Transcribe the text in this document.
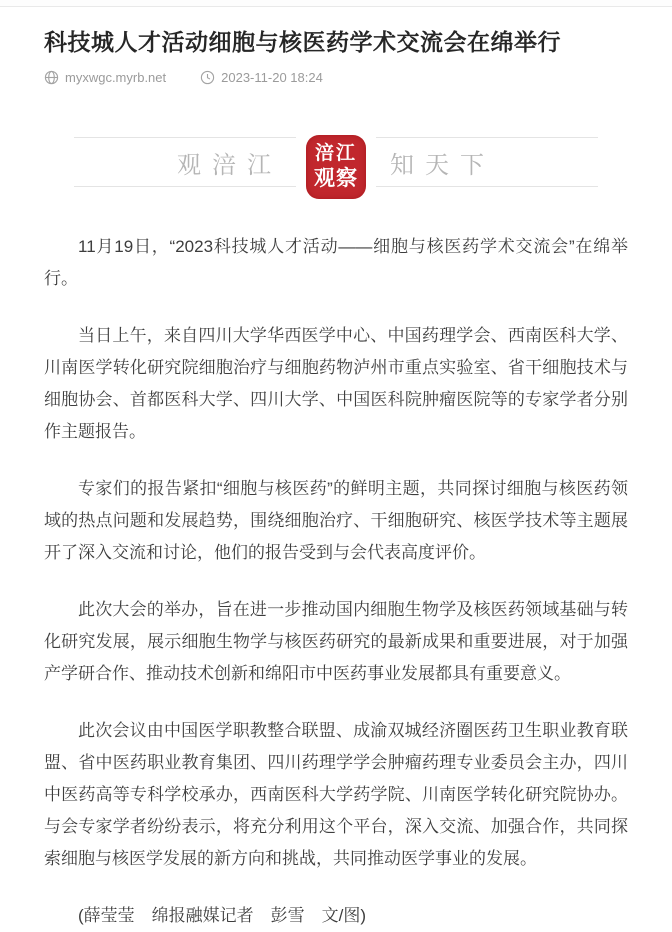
科技城人才活动细胞与核医药学术交流会在绵举行
myxwgc.myrb.net	2023-11-20 18:24
观涪江 涪江
观察 知天下

11月19日，“2023科技城人才活动——细胞与核医药学术交流会”在绵举行。

当日上午，来自四川大学华西医学中心、中国药理学会、西南医科大学、川南医学转化研究院细胞治疗与细胞药物泸州市重点实验室、省干细胞技术与细胞协会、首都医科大学、四川大学、中国医科院肿瘤医院等的专家学者分别作主题报告。

专家们的报告紧扣“细胞与核医药”的鲜明主题，共同探讨细胞与核医药领域的热点问题和发展趋势，围绕细胞治疗、干细胞研究、核医学技术等主题展开了深入交流和讨论，他们的报告受到与会代表高度评价。

此次大会的举办，旨在进一步推动国内细胞生物学及核医药领域基础与转化研究发展，展示细胞生物学与核医药研究的最新成果和重要进展，对于加强产学研合作、推动技术创新和绵阳市中医药事业发展都具有重要意义。

此次会议由中国医学职教整合联盟、成渝双城经济圈医药卫生职业教育联盟、省中医药职业教育集团、四川药理学学会肿瘤药理专业委员会主办，四川中医药高等专科学校承办，西南医科大学药学院、川南医学转化研究院协办。与会专家学者纷纷表示，将充分利用这个平台，深入交流、加强合作，共同探索细胞与核医学发展的新方向和挑战，共同推动医学事业的发展。

(薛莹莹　绵报融媒记者　彭雪　文/图)
